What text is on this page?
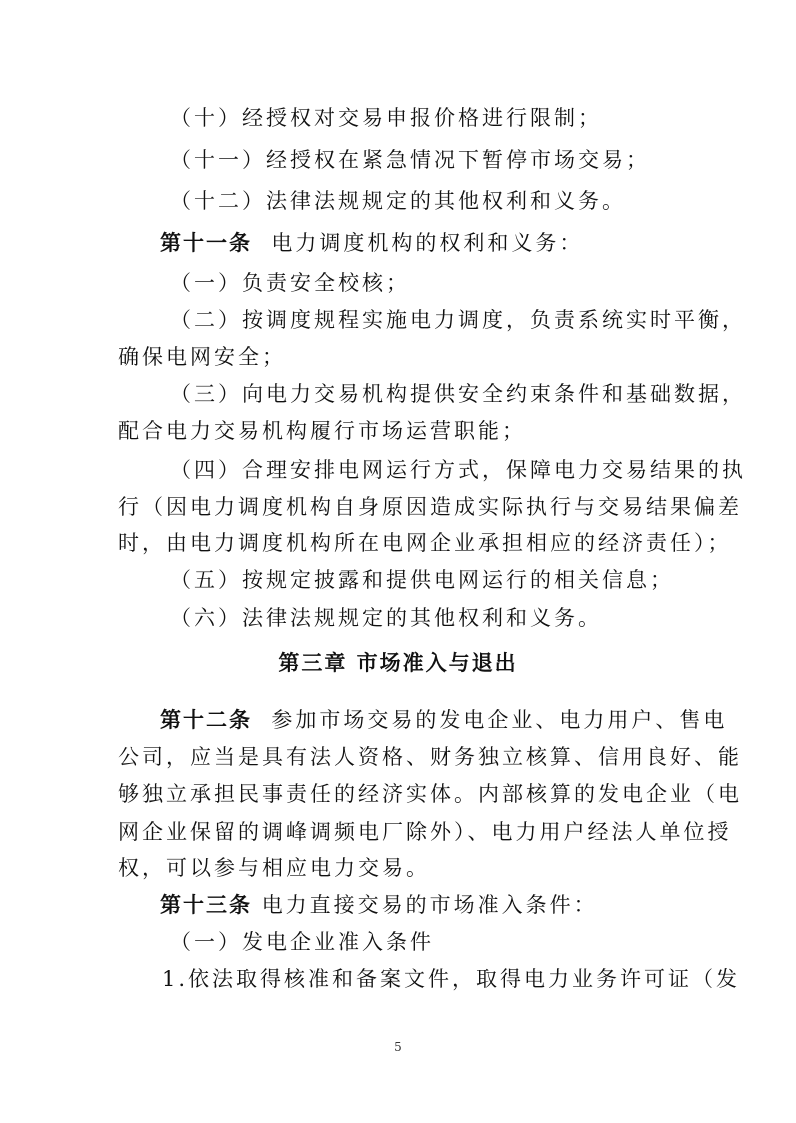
（十）经授权对交易申报价格进行限制；
（十一）经授权在紧急情况下暂停市场交易；
（十二）法律法规规定的其他权利和义务。
第十一条 电力调度机构的权利和义务：
（一）负责安全校核；
（二）按调度规程实施电力调度，负责系统实时平衡，
确保电网安全；
（三）向电力交易机构提供安全约束条件和基础数据，
配合电力交易机构履行市场运营职能；
（四）合理安排电网运行方式，保障电力交易结果的执
行（因电力调度机构自身原因造成实际执行与交易结果偏差
时，由电力调度机构所在电网企业承担相应的经济责任）；
（五）按规定披露和提供电网运行的相关信息；
（六）法律法规规定的其他权利和义务。
第三章 市场准入与退出
第十二条 参加市场交易的发电企业、电力用户、售电
公司，应当是具有法人资格、财务独立核算、信用良好、能
够独立承担民事责任的经济实体。内部核算的发电企业（电
网企业保留的调峰调频电厂除外）、电力用户经法人单位授
权，可以参与相应电力交易。
第十三条 电力直接交易的市场准入条件：
（一）发电企业准入条件
1.依法取得核准和备案文件，取得电力业务许可证（发
5
